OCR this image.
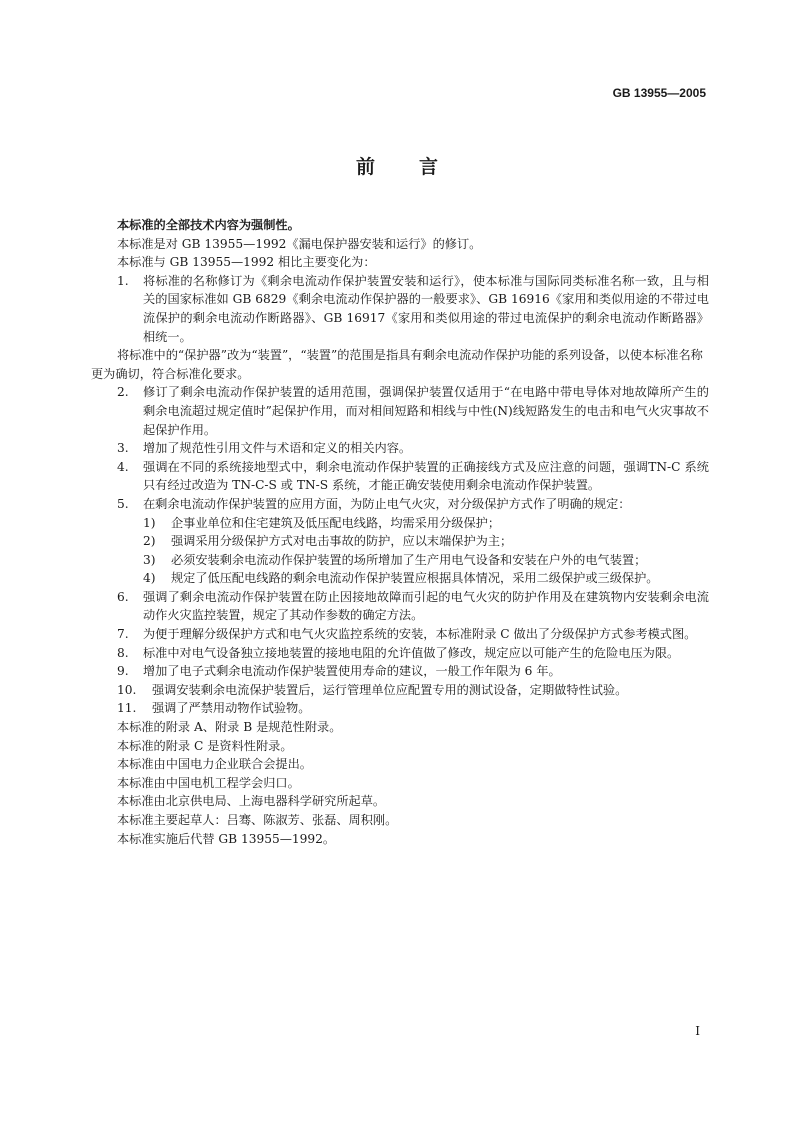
GB 13955—2005
前言

本标准的全部技术内容为强制性。

本标准是对 GB 13955—1992《漏电保护器安装和运行》的修订。

本标准与 GB 13955—1992 相比主要变化为：

1.	将标准的名称修订为《剩余电流动作保护装置安装和运行》，使本标准与国际同类标准名称一致，且与相关的国家标准如 GB 6829《剩余电流动作保护器的一般要求》、GB 16916《家用和类似用途的不带过电流保护的剩余电流动作断路器》、GB 16917《家用和类似用途的带过电流保护的剩余电流动作断路器》相统一。

将标准中的“保护器”改为“装置”，“装置”的范围是指具有剩余电流动作保护功能的系列设备，以使本标准名称更为确切，符合标准化要求。

2.	修订了剩余电流动作保护装置的适用范围，强调保护装置仅适用于“在电路中带电导体对地故障所产生的剩余电流超过规定值时”起保护作用，而对相间短路和相线与中性(N)线短路发生的电击和电气火灾事故不起保护作用。
3.	增加了规范性引用文件与术语和定义的相关内容。
4.	强调在不同的系统接地型式中，剩余电流动作保护装置的正确接线方式及应注意的问题，强调TN-C 系统只有经过改造为 TN-C-S 或 TN-S 系统，才能正确安装使用剩余电流动作保护装置。
5.	在剩余电流动作保护装置的应用方面，为防止电气火灾，对分级保护方式作了明确的规定：
1)	企事业单位和住宅建筑及低压配电线路，均需采用分级保护；
2)	强调采用分级保护方式对电击事故的防护，应以末端保护为主；
3)	必须安装剩余电流动作保护装置的场所增加了生产用电气设备和安装在户外的电气装置；
4)	规定了低压配电线路的剩余电流动作保护装置应根据具体情况，采用二级保护或三级保护。
6.	强调了剩余电流动作保护装置在防止因接地故障而引起的电气火灾的防护作用及在建筑物内安装剩余电流动作火灾监控装置，规定了其动作参数的确定方法。
7.	为便于理解分级保护方式和电气火灾监控系统的安装，本标准附录 C 做出了分级保护方式参考模式图。
8.	标准中对电气设备独立接地装置的接地电阻的允许值做了修改，规定应以可能产生的危险电压为限。
9.	增加了电子式剩余电流动作保护装置使用寿命的建议，一般工作年限为 6 年。
10.	强调安装剩余电流保护装置后，运行管理单位应配置专用的测试设备，定期做特性试验。
11.	强调了严禁用动物作试验物。

本标准的附录 A、附录 B 是规范性附录。

本标准的附录 C 是资料性附录。

本标准由中国电力企业联合会提出。

本标准由中国电机工程学会归口。

本标准由北京供电局、上海电器科学研究所起草。

本标准主要起草人：吕骞、陈淑芳、张磊、周积刚。

本标准实施后代替 GB 13955—1992。

I
